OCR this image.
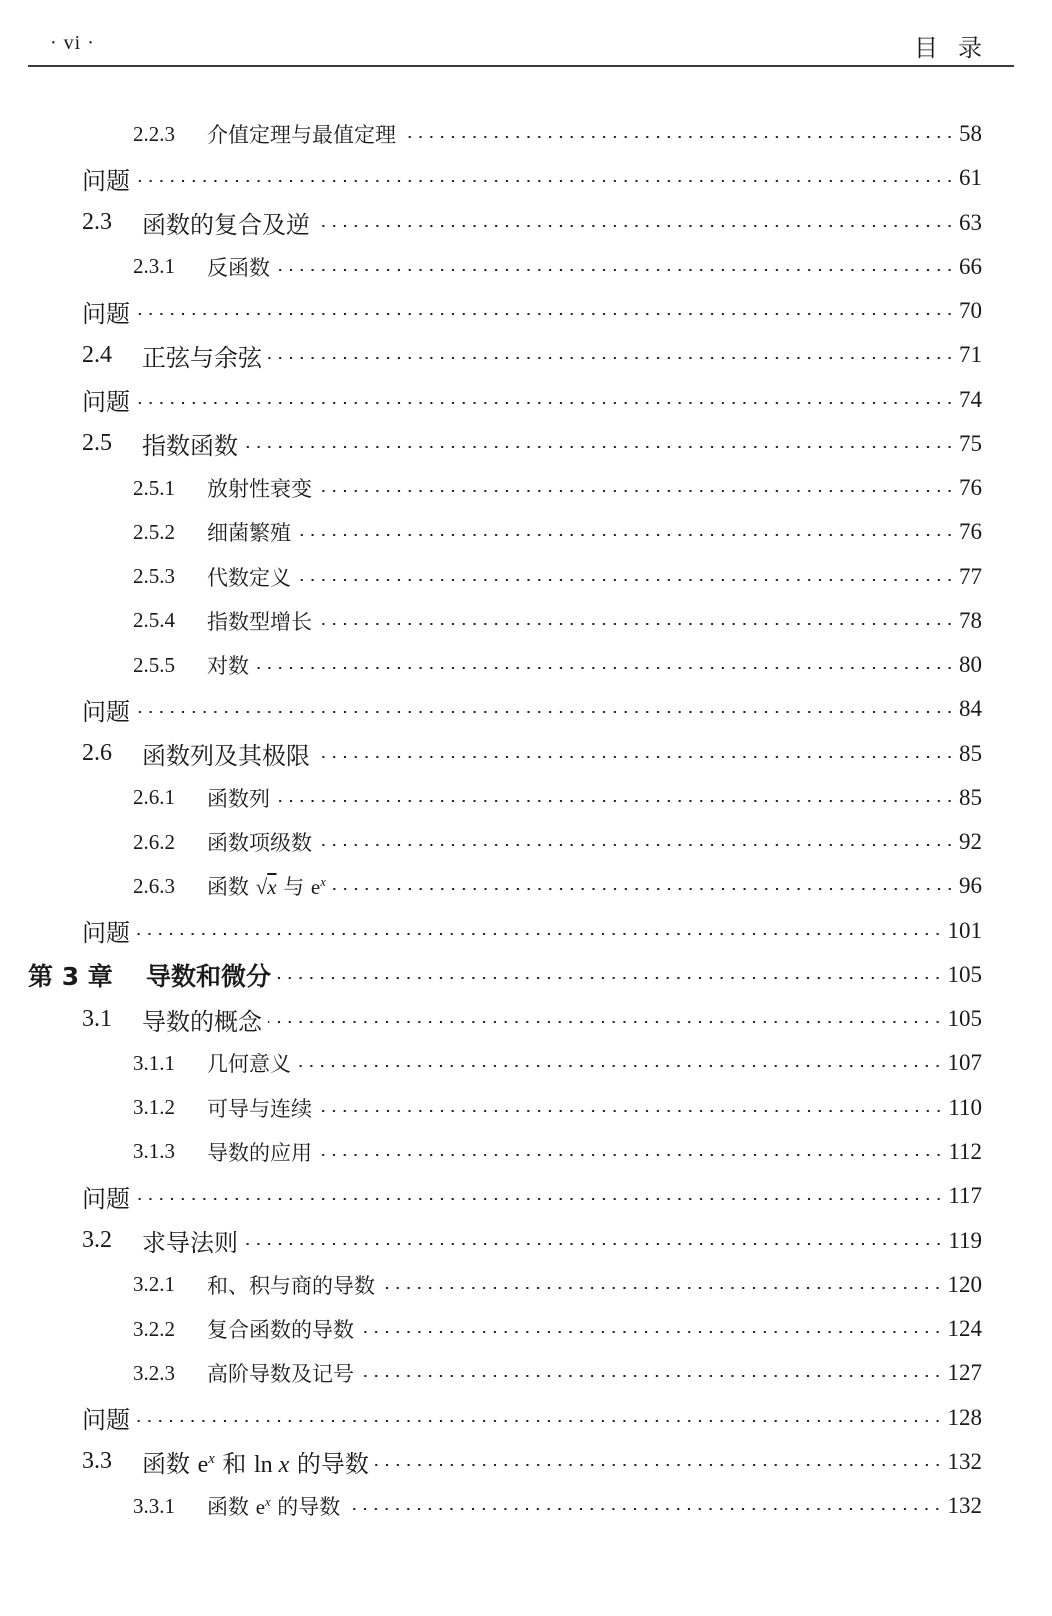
· vi ·	目录
2.2.3	介值定理与最值定理	58
问题	61
2.3	函数的复合及逆	63
2.3.1	反函数	66
问题	70
2.4	正弦与余弦	71
问题	74
2.5	指数函数	75
2.5.1	放射性衰变	76
2.5.2	细菌繁殖	76
2.5.3	代数定义	77
2.5.4	指数型增长	78
2.5.5	对数	80
问题	84
2.6	函数列及其极限	85
2.6.1	函数列	85
2.6.2	函数项级数	92
2.6.3	函数 √x 与 $e^x$	96
问题	101
第 3 章	导数和微分	105
3.1	导数的概念	105
3.1.1	几何意义	107
3.1.2	可导与连续	110
3.1.3	导数的应用	112
问题	117
3.2	求导法则	119
3.2.1	和、积与商的导数	120
3.2.2	复合函数的导数	124
3.2.3	高阶导数及记号	127
问题	128
3.3	函数 $e^x$ 和 ln x 的导数	132
3.3.1	函数 $e^x$ 的导数	132
